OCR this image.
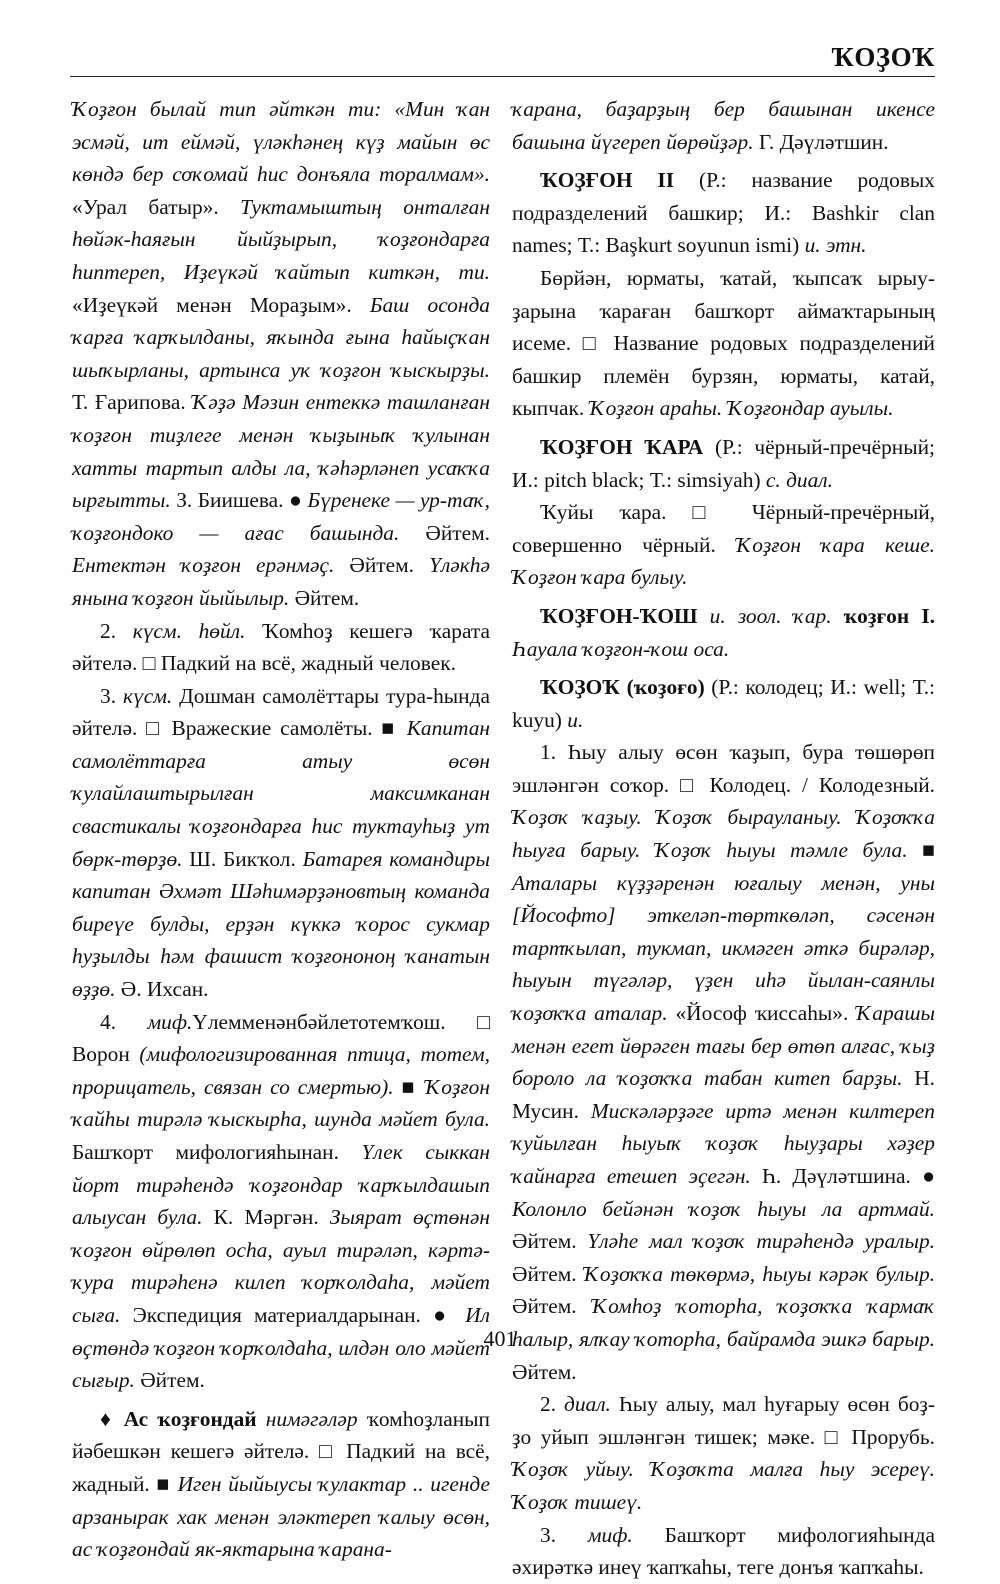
ҠОҘОҠ

Ҡоҙғон былай тип әйткән ти: «Мин ҡан эсмәй, ит еймәй, үләкһәнең күҙ майын өс көндә бер соҡомай һис донъяла торалмам». «Урал батыр». Туктамыштың онталған һөйәк-һаяғын йыйҙырып, ҡоҙғондарға һиптереп, Иҙеүкәй ҡайтып киткән, ти. «Иҙеүкәй менән Мораҙым». Баш осонда ҡарға ҡарҡылданы, яҡында ғына һайыҫҡан шыҡырланы, артынса уҡ ҡоҙғон ҡыскырҙы. Т. Ғарипова. Ҡәҙә Мәзин ентеккә ташланған ҡоҙғон тиҙлеге менән ҡыҙыныҡ ҡулынан хатты тартып алды ла, ҡәһәрләнеп усаҡҡа ырғытты. З. Биишева. ● Бүренеке — ур-таҡ, ҡоҙғондоко — ағас башында. Әйтем. Ентектән ҡоҙғон ерәнмәҫ. Әйтем. Үләкһә янына ҡоҙғон йыйылыр. Әйтем.

2. күсм. һөйл. Ҡомһоҙ кешегә ҡарата әйтелә. □ Падкий на всё, жадный человек.

3. күсм. Дошман самолёттары тура-һында әйтелә. □ Вражеские самолёты. ■ Капитан самолёттарға атыу өсөн ҡулайлаштырылған максимканан свастикалы ҡоҙғондарға һис туктауһыҙ ут бөрк-төрҙө. Ш. Бикҡол. Батарея командиры капитан Әхмәт Шәһимәрҙәновтың команда биреүе булды, ерҙән күккә ҡорос сукмар һуҙылды һәм фашист ҡоҙғононоң ҡанатын өҙҙө. Ә. Ихсан.

4. миф.Үлемменәнбәйлетотемҡош. □ Ворон (мифологизированная птица, тотем, прорицатель, связан со смертью). ■ Ҡоҙғон ҡайһы тирәлә ҡыскырһа, шунда мәйет була. Башҡорт мифологияһынан. Үлек сыккан йорт тирәһендә ҡоҙғондар ҡарҡылдашып алыусан була. К. Мәргән. Зыярат өҫтөнән ҡоҙғон өйрөлөп осһа, ауыл тирәләп, кәртә-ҡура тирәһенә килеп ҡорҡолдаһа, мәйет сыға. Экспедиция материалдарынан. ● Ил өҫтөндә ҡоҙғон ҡорҡолдаһа, илдән оло мәйет сығыр. Әйтем.

♦ Ас ҡоҙғондай нимәгәләр ҡомһоҙланып йәбешкән кешегә әйтелә. □ Падкий на всё, жадный. ■ Иген йыйыусы ҡулактар .. игенде арзанырак хак менән эләктереп ҡалыу өсөн, ас ҡоҙғондай як-яктарына ҡарана-

ҡарана, баҙарҙың бер башынан икенсе башына йүгереп йөрөйҙәр. Г. Дәүләтшин.

ҠОҘҒОН II (Р.: название родовых подразделений башкир; И.: Bashkir clan names; Т.: Başkurt soyunun ismi) и. этн.

Бөрйән, юрматы, ҡатай, ҡыпсаҡ ырыу-ҙарына ҡараған башҡорт аймаҡтарының исеме. □ Название родовых подразделений башкир племён бурзян, юрматы, катай, кыпчак. Ҡоҙғон араһы. Ҡоҙғондар ауылы.

ҠОҘҒОН ҠАРА (Р.: чёрный-пречёрный; И.: pitch black; Т.: simsiyah) с. диал.

Ҡуйы ҡара. □ Чёрный-пречёрный, совершенно чёрный. Ҡоҙғон ҡара кеше. Ҡоҙғон ҡара булыу.

ҠОҘҒОН-ҠОШ и. зоол. ҡар. ҡоҙғон I. Һауала ҡоҙғон-ҡош оса.

ҠОҘОҠ (ҡоҙоғо) (Р.: колодец; И.: well; Т.: kuyu) и.

1. Һыу алыу өсөн ҡаҙып, бура төшөрөп эшләнгән соҡор. □ Колодец. / Колодезный. Ҡоҙоҡ ҡаҙыу. Ҡоҙоҡ бырауланыу. Ҡоҙоҡҡа һыуға барыу. Ҡоҙоҡ һыуы тәмле була. ■ Аталары күҙҙәренән юғалыу менән, уны [Йософто] эткеләп-төрткөләп, сәсенән тартҡылап, тукмап, икмәген әткә бирәләр, һыуын түгәләр, үҙен иһә йылан-саянлы ҡоҙоҡҡа аталар. «Йософ ҡиссаһы». Ҡарашы менән егет йөрәген тағы бер өтөп алғас, ҡыҙ бороло ла ҡоҙоҡҡа табан китеп барҙы. Н. Мусин. Мискәләрҙәге иртә менән килтереп ҡуйылған һыуыҡ ҡоҙоҡ һыуҙары хәҙер ҡайнарға етешеп эҫегән. Һ. Дәүләтшина. ● Колонло бейәнән ҡоҙоҡ һыуы ла артмай. Әйтем. Үләһе мал ҡоҙоҡ тирәһендә уралыр. Әйтем. Ҡоҙоҡҡа төкөрмә, һыуы кәрәк булыр. Әйтем. Ҡомһоҙ ҡоторһа, ҡоҙоҡҡа ҡармаҡ һалыр, ялҡау ҡоторһа, байрамда эшкә барыр. Әйтем.

2. диал. Һыу алыу, мал һуғарыу өсөн боҙ-ҙо уйып эшләнгән тишек; мәке. □ Прорубь. Ҡоҙоҡ уйыу. Ҡоҙоҡта малға һыу эсереү. Ҡоҙоҡ тишеү.

3. миф. Башҡорт мифологияһында әхирәткә инеү ҡапҡаһы, теге донъя ҡапҡаһы.

401
